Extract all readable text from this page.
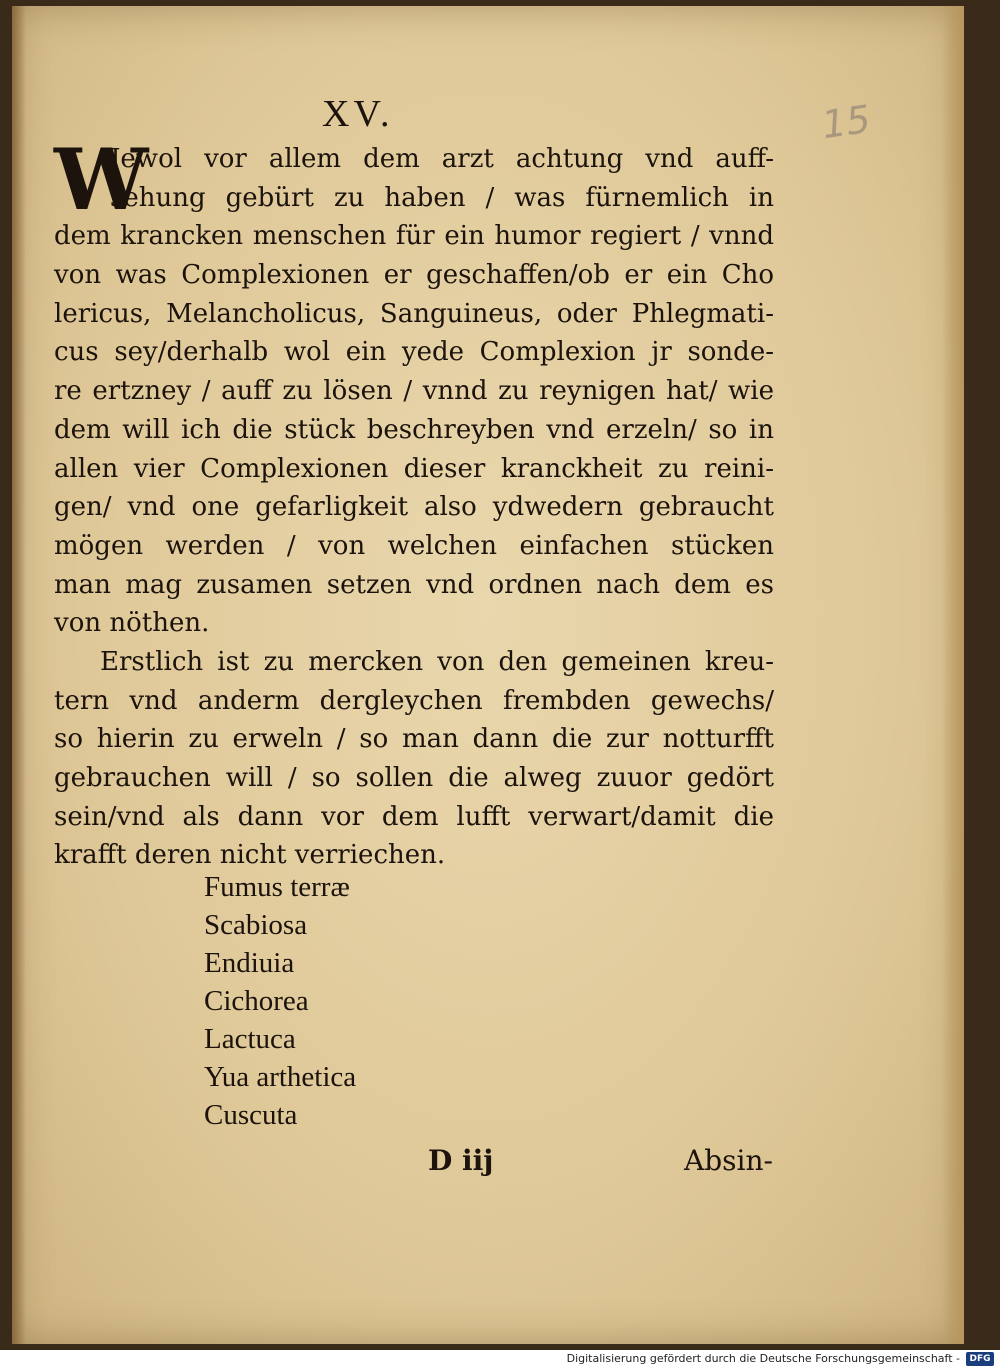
XV.	15
W
Jewol vor allem dem arzt achtung vnd auff-
sehung gebürt zu haben / was fürnemlich in
dem krancken menschen für ein humor regiert / vnnd
von was Complexionen er geschaffen/ob er ein Cho
lericus, Melancholicus, Sanguineus, oder Phlegmati-
cus sey/derhalb wol ein yede Complexion jr sonde-
re ertzney / auff zu lösen / vnnd zu reynigen hat/ wie
dem will ich die stück beschreyben vnd erzeln/ so in
allen vier Complexionen dieser kranckheit zu reini-
gen/ vnd one gefarligkeit also ydwedern gebraucht
mögen werden / von welchen einfachen stücken
man mag zusamen setzen vnd ordnen nach dem es
von nöthen.
Erstlich ist zu mercken von den gemeinen kreu-
tern vnd anderm dergleychen frembden gewechs/
so hierin zu erweln / so man dann die zur notturfft
gebrauchen will / so sollen die alweg zuuor gedört
sein/vnd als dann vor dem lufft verwart/damit die
krafft deren nicht verriechen.
Fumus terræ
Scabiosa
Endiuia
Cichorea
Lactuca
Yua arthetica
Cuscuta
D iij	Absin-
Digitalisierung gefördert durch die Deutsche Forschungsgemeinschaft -	DFG
